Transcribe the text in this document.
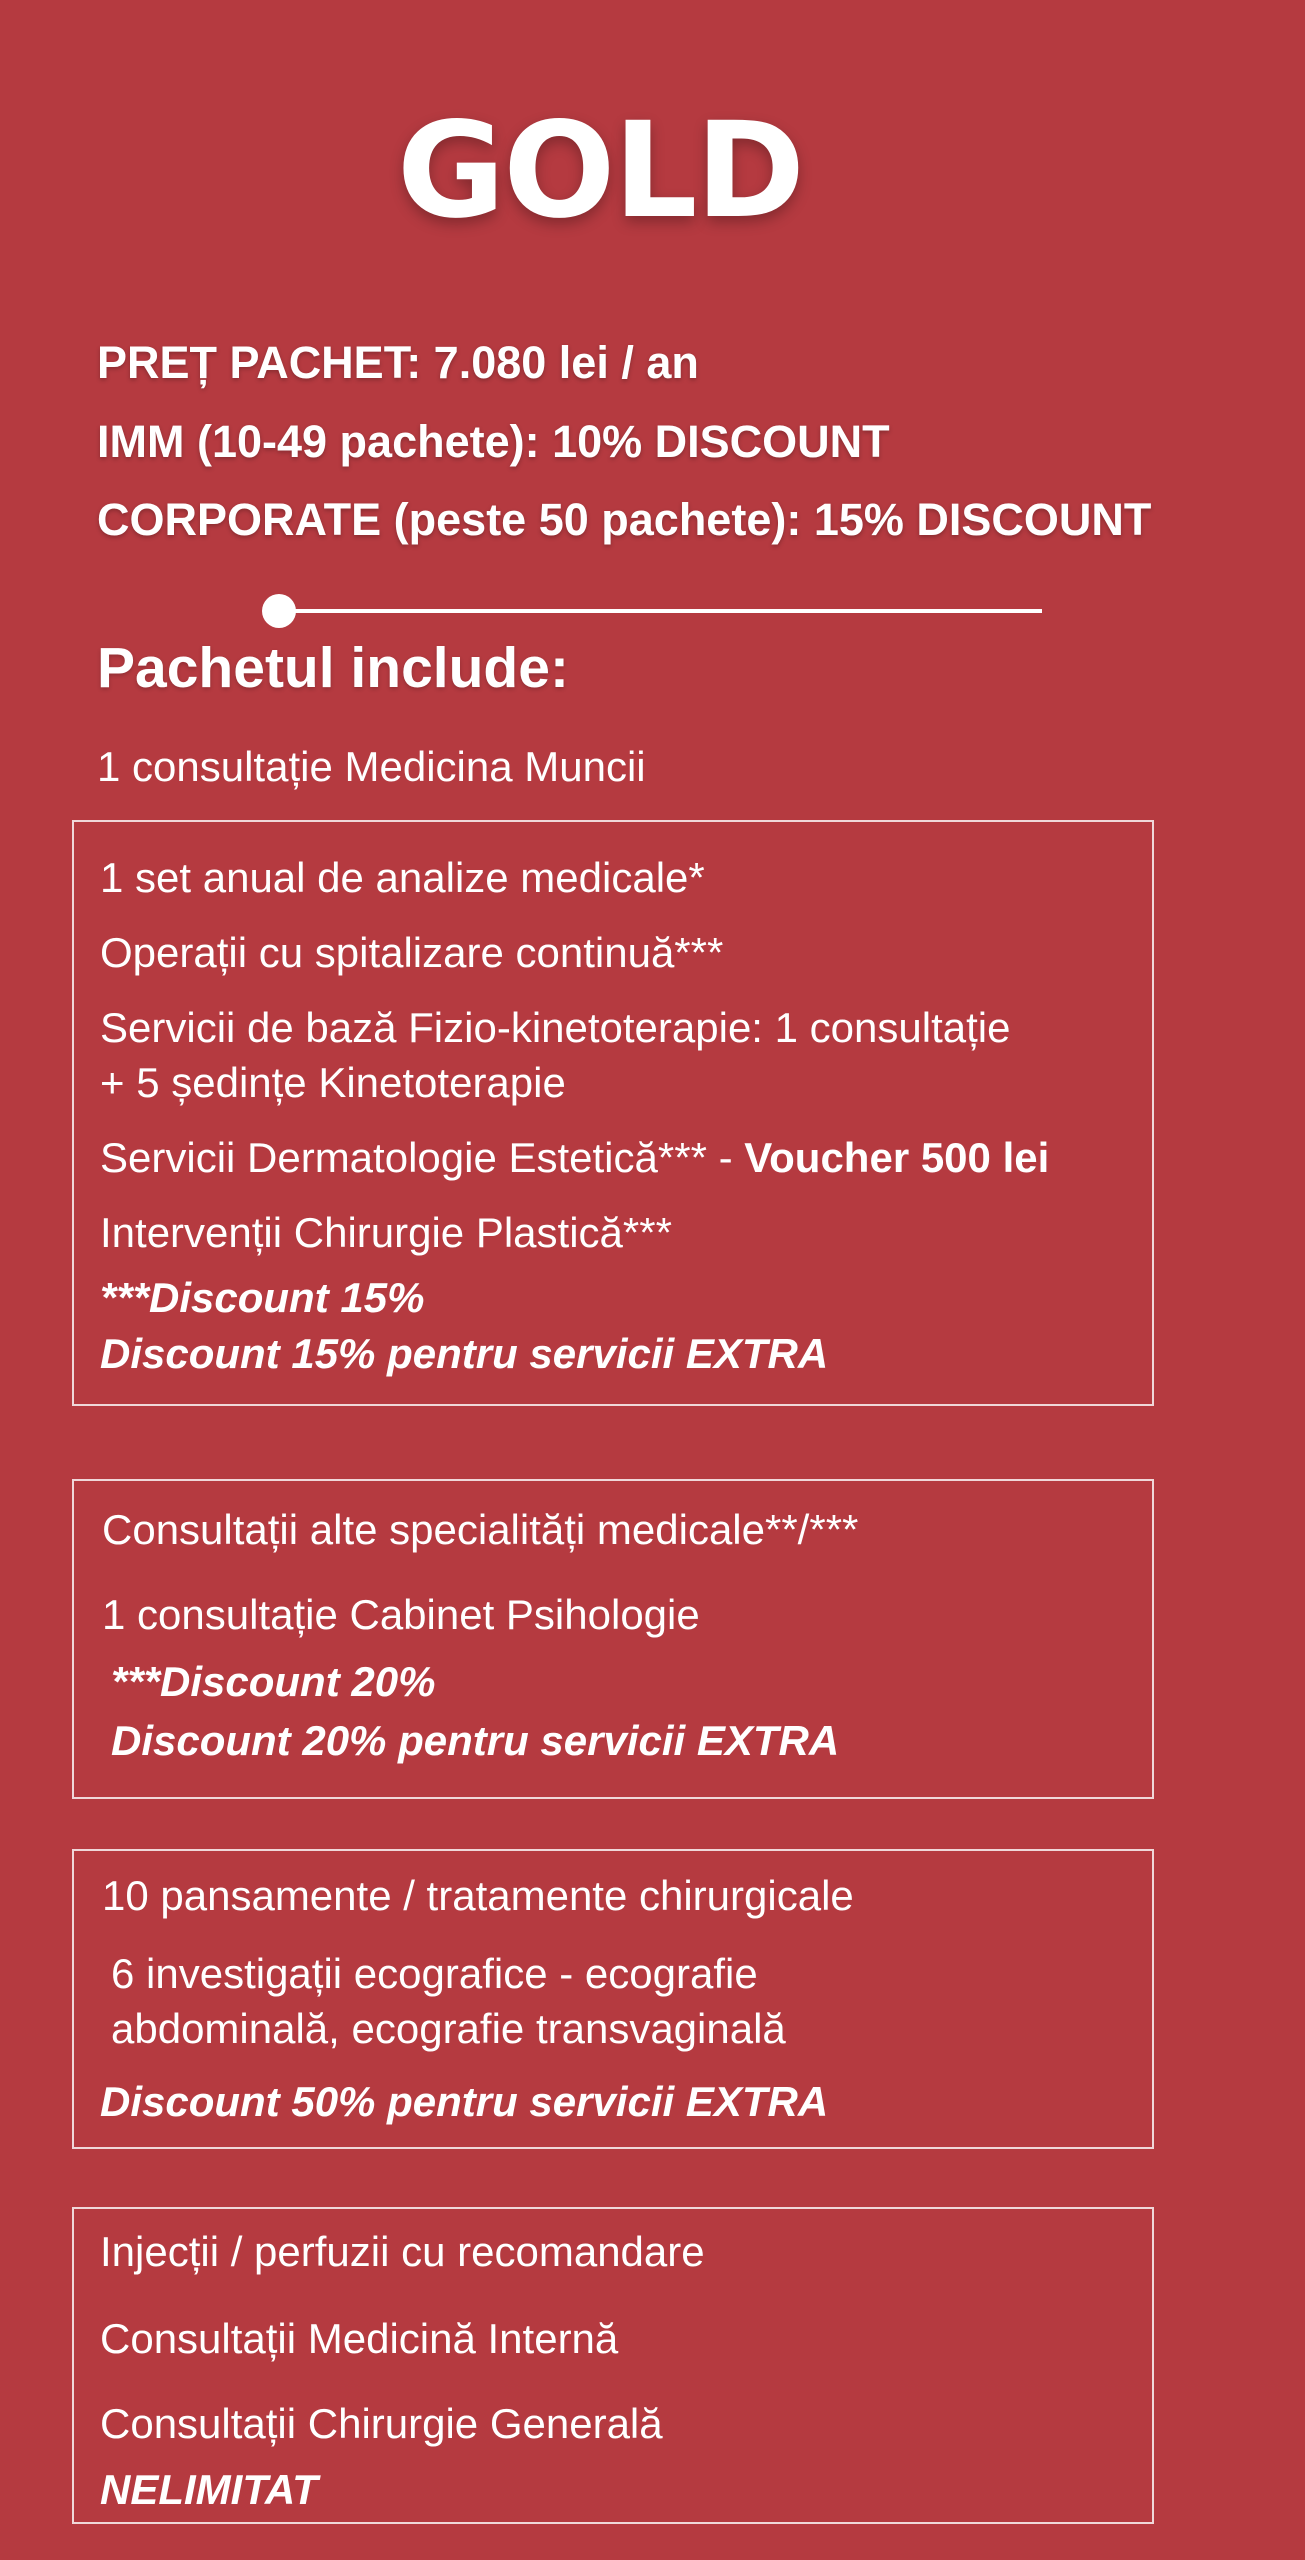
GOLD
PREȚ PACHET: 7.080 lei / an
IMM (10-49 pachete): 10% DISCOUNT
CORPORATE (peste 50 pachete): 15% DISCOUNT
Pachetul include:
1 consultație Medicina Muncii
1 set anual de analize medicale*
Operații cu spitalizare continuă***
Servicii de bază Fizio-kinetoterapie: 1 consultație
+ 5 ședințe Kinetoterapie
Servicii Dermatologie Estetică*** - Voucher 500 lei
Intervenții Chirurgie Plastică***
***Discount 15%
Discount 15% pentru servicii EXTRA
Consultații alte specialități medicale**/***
1 consultație Cabinet Psihologie
***Discount 20%
Discount 20% pentru servicii EXTRA
10 pansamente / tratamente chirurgicale
6 investigații ecografice - ecografie
abdominală, ecografie transvaginală
Discount 50% pentru servicii EXTRA
Injecții / perfuzii cu recomandare
Consultații Medicină Internă
Consultații Chirurgie Generală
NELIMITAT
